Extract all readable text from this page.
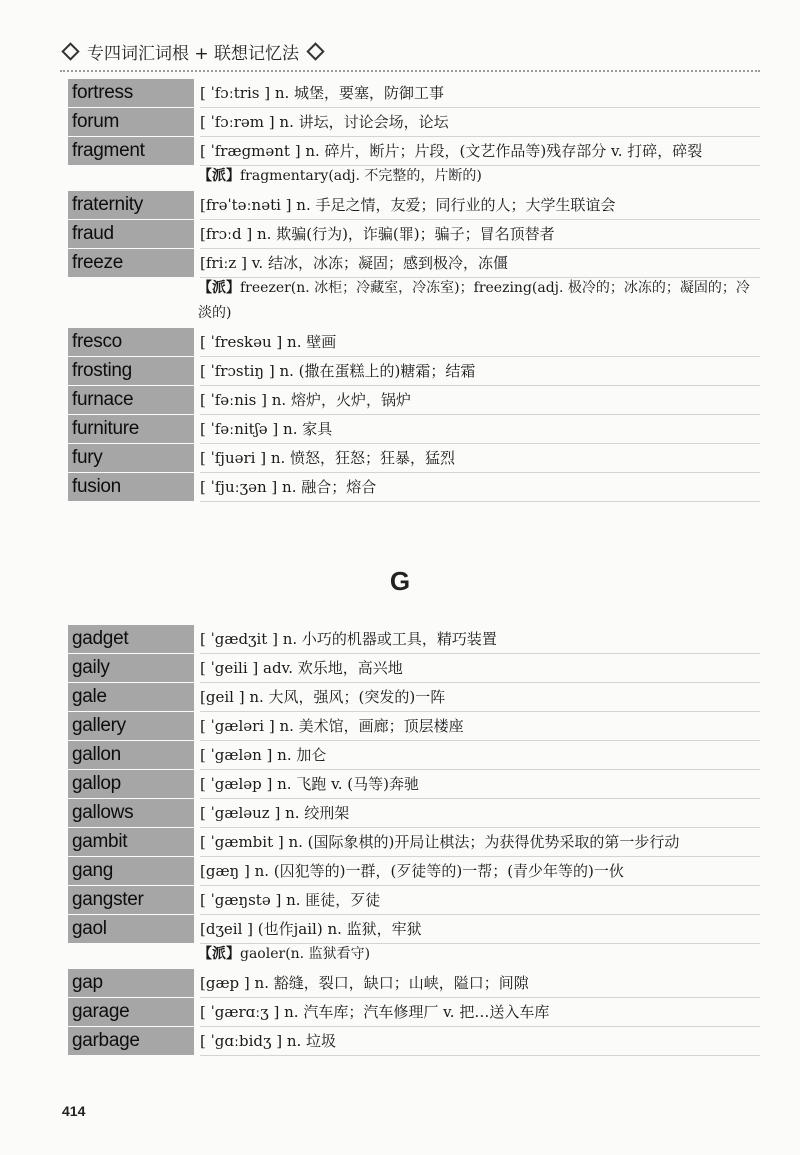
专四词汇词根 + 联想记忆法
fortress	[ ˈfɔːtris ] n. 城堡，要塞，防御工事
forum	[ ˈfɔːrəm ] n. 讲坛，讨论会场，论坛
fragment	[ ˈfrægmənt ] n. 碎片，断片；片段，(文艺作品等)残存部分 v. 打碎，碎裂
【派】fragmentary(adj. 不完整的，片断的)
fraternity	[frəˈtəːnəti ] n. 手足之情，友爱；同行业的人；大学生联谊会
fraud	[frɔːd ] n. 欺骗(行为)，诈骗(罪)；骗子；冒名顶替者
freeze	[friːz ] v. 结冰，冰冻；凝固；感到极冷，冻僵
【派】freezer(n. 冰柜；冷藏室，冷冻室)；freezing(adj. 极冷的；冰冻的；凝固的；冷淡的)
fresco	[ ˈfreskəu ] n. 壁画
frosting	[ ˈfrɔstiŋ ] n. (撒在蛋糕上的)糖霜；结霜
furnace	[ ˈfəːnis ] n. 熔炉，火炉，锅炉
furniture	[ ˈfəːnitʃə ] n. 家具
fury	[ ˈfjuəri ] n. 愤怒，狂怒；狂暴，猛烈
fusion	[ ˈfjuːʒən ] n. 融合；熔合
G
gadget	[ ˈgædʒit ] n. 小巧的机器或工具，精巧装置
gaily	[ ˈgeili ] adv. 欢乐地，高兴地
gale	[geil ] n. 大风，强风；(突发的)一阵
gallery	[ ˈgæləri ] n. 美术馆，画廊；顶层楼座
gallon	[ ˈgælən ] n. 加仑
gallop	[ ˈgæləp ] n. 飞跑 v. (马等)奔驰
gallows	[ ˈgæləuz ] n. 绞刑架
gambit	[ ˈgæmbit ] n. (国际象棋的)开局让棋法；为获得优势采取的第一步行动
gang	[gæŋ ] n. (囚犯等的)一群，(歹徒等的)一帮；(青少年等的)一伙
gangster	[ ˈgæŋstə ] n. 匪徒，歹徒
gaol	[dʒeil ] (也作jail) n. 监狱，牢狱
【派】gaoler(n. 监狱看守)
gap	[gæp ] n. 豁缝，裂口，缺口；山峡，隘口；间隙
garage	[ ˈgærɑːʒ ] n. 汽车库；汽车修理厂 v. 把…送入车库
garbage	[ ˈgɑːbidʒ ] n. 垃圾
414
